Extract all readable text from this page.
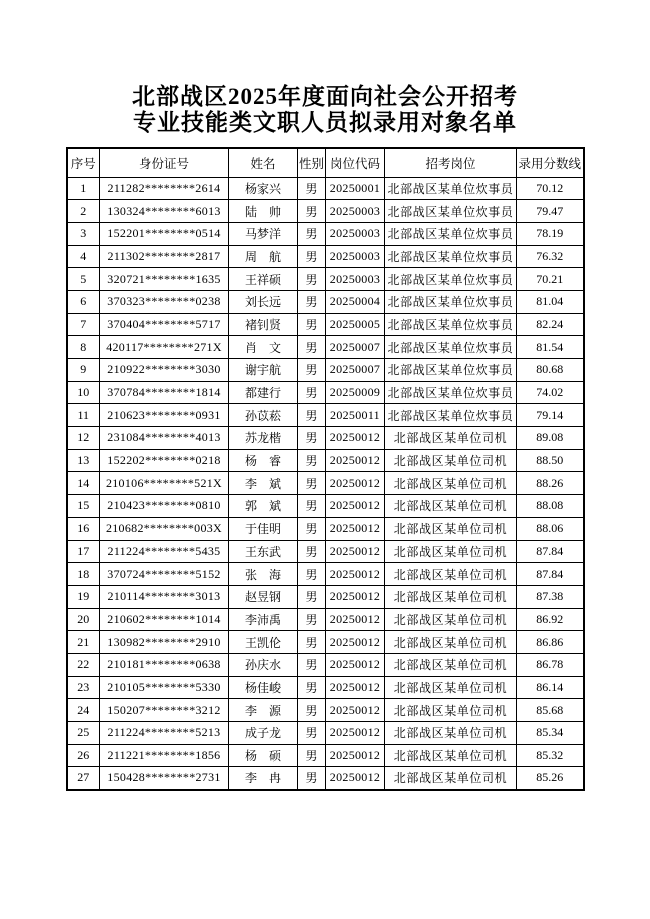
北部战区2025年度面向社会公开招考
专业技能类文职人员拟录用对象名单
序号	身份证号	姓名	性别	岗位代码	招考岗位	录用分数线
1	211282********2614	杨家兴	男	20250001	北部战区某单位炊事员	70.12
2	130324********6013	陆　帅	男	20250003	北部战区某单位炊事员	79.47
3	152201********0514	马梦洋	男	20250003	北部战区某单位炊事员	78.19
4	211302********2817	周　航	男	20250003	北部战区某单位炊事员	76.32
5	320721********1635	王祥硕	男	20250003	北部战区某单位炊事员	70.21
6	370323********0238	刘长远	男	20250004	北部战区某单位炊事员	81.04
7	370404********5717	褚钊贤	男	20250005	北部战区某单位炊事员	82.24
8	420117********271X	肖　文	男	20250007	北部战区某单位炊事员	81.54
9	210922********3030	谢宇航	男	20250007	北部战区某单位炊事员	80.68
10	370784********1814	都建行	男	20250009	北部战区某单位炊事员	74.02
11	210623********0931	孙苡菘	男	20250011	北部战区某单位炊事员	79.14
12	231084********4013	苏龙楷	男	20250012	北部战区某单位司机	89.08
13	152202********0218	杨　睿	男	20250012	北部战区某单位司机	88.50
14	210106********521X	李　斌	男	20250012	北部战区某单位司机	88.26
15	210423********0810	郭　斌	男	20250012	北部战区某单位司机	88.08
16	210682********003X	于佳明	男	20250012	北部战区某单位司机	88.06
17	211224********5435	王东武	男	20250012	北部战区某单位司机	87.84
18	370724********5152	张　海	男	20250012	北部战区某单位司机	87.84
19	210114********3013	赵昱钢	男	20250012	北部战区某单位司机	87.38
20	210602********1014	李沛禹	男	20250012	北部战区某单位司机	86.92
21	130982********2910	王凯伦	男	20250012	北部战区某单位司机	86.86
22	210181********0638	孙庆水	男	20250012	北部战区某单位司机	86.78
23	210105********5330	杨佳峻	男	20250012	北部战区某单位司机	86.14
24	150207********3212	李　源	男	20250012	北部战区某单位司机	85.68
25	211224********5213	成子龙	男	20250012	北部战区某单位司机	85.34
26	211221********1856	杨　硕	男	20250012	北部战区某单位司机	85.32
27	150428********2731	李　冉	男	20250012	北部战区某单位司机	85.26
